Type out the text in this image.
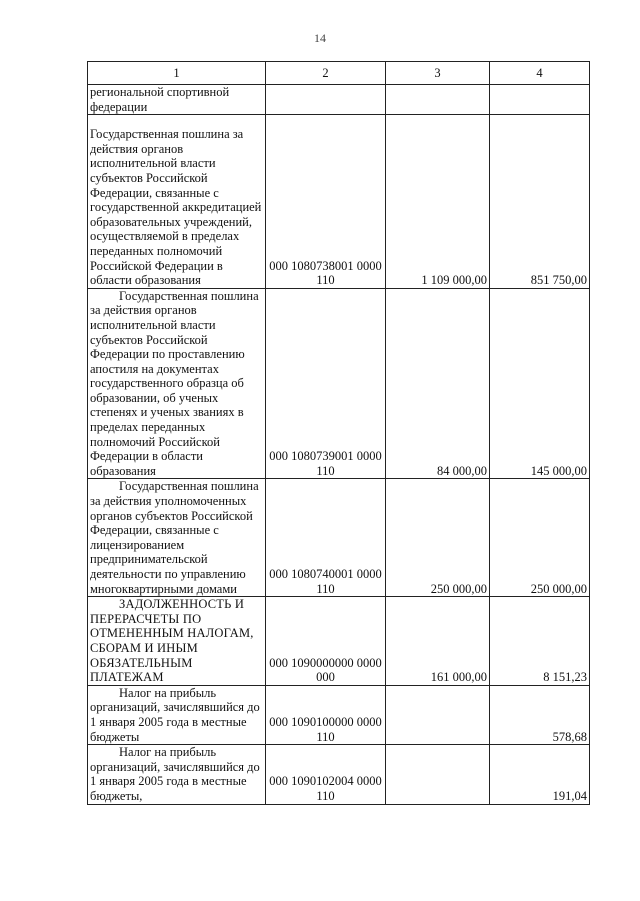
14
1	2	3	4
региональной спортивной федерации			
Государственная пошлина за действия органов исполнительной власти субъектов Российской Федерации, связанные с государственной аккредитацией образовательных учреждений, осуществляемой в пределах переданных полномочий Российской Федерации в области образования	000 1080738001 0000 110	1 109 000,00	851 750,00
Государственная пошлина за действия органов исполнительной власти субъектов Российской Федерации по проставлению апостиля на документах государственного образца об образовании, об ученых степенях и ученых званиях в пределах переданных полномочий Российской Федерации в области образования	000 1080739001 0000 110	84 000,00	145 000,00
Государственная пошлина за действия уполномоченных органов субъектов Российской Федерации, связанные с лицензированием предпринимательской деятельности по управлению многоквартирными домами	000 1080740001 0000 110	250 000,00	250 000,00
ЗАДОЛЖЕННОСТЬ И ПЕРЕРАСЧЕТЫ ПО ОТМЕНЕННЫМ НАЛОГАМ, СБОРАМ И ИНЫМ ОБЯЗАТЕЛЬНЫМ ПЛАТЕЖАМ	000 1090000000 0000 000	161 000,00	8 151,23
Налог на прибыль организаций, зачислявшийся до 1 января 2005 года в местные бюджеты	000 1090100000 0000 110		578,68
Налог на прибыль организаций, зачислявшийся до 1 января 2005 года в местные бюджеты,	000 1090102004 0000 110		191,04
